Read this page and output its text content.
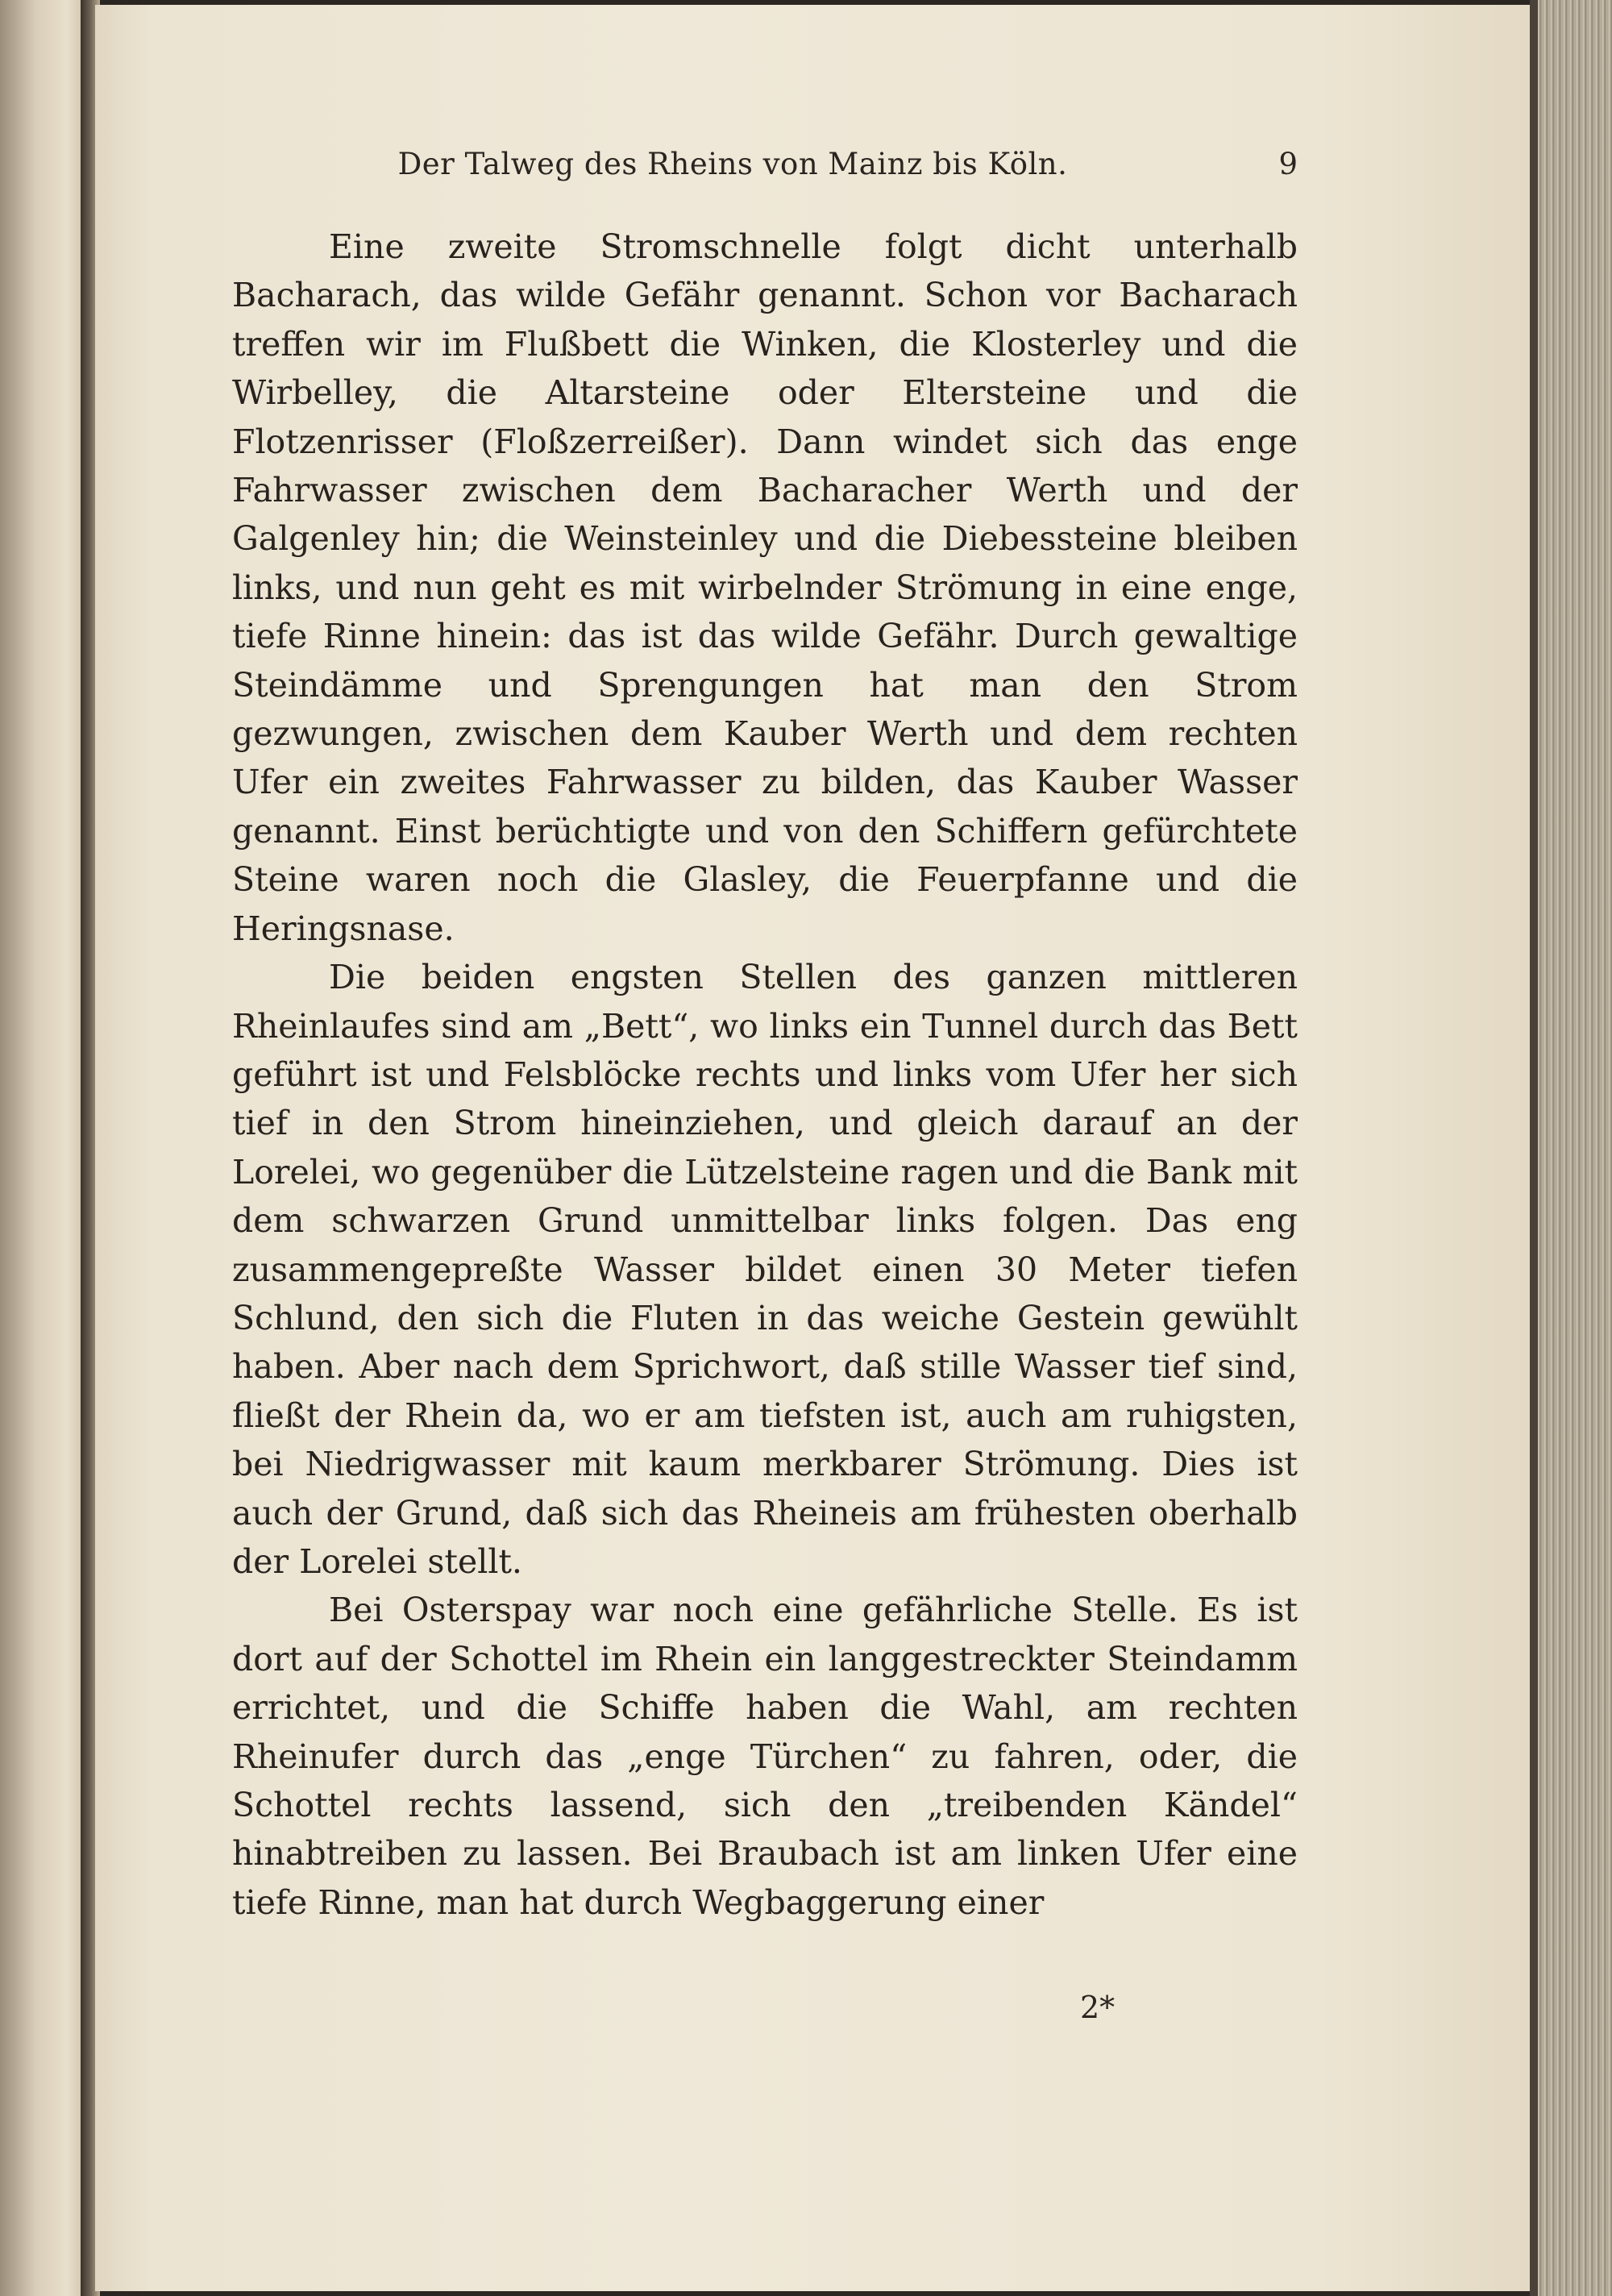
Der Talweg des Rheins von Mainz bis Köln.	9

Eine zweite Stromschnelle folgt dicht unterhalb Bacharach, das wilde Gefähr genannt. Schon vor Bacharach treffen wir im Flußbett die Winken, die Klosterley und die Wirbelley, die Altarsteine oder Eltersteine und die Flotzenrisser (Floßzerreißer). Dann windet sich das enge Fahrwasser zwischen dem Bacharacher Werth und der Galgenley hin; die Weinsteinley und die Diebessteine bleiben links, und nun geht es mit wirbelnder Strömung in eine enge, tiefe Rinne hinein: das ist das wilde Gefähr. Durch gewaltige Steindämme und Sprengungen hat man den Strom gezwungen, zwischen dem Kauber Werth und dem rechten Ufer ein zweites Fahrwasser zu bilden, das Kauber Wasser genannt. Einst berüchtigte und von den Schiffern gefürchtete Steine waren noch die Glasley, die Feuerpfanne und die Heringsnase.

Die beiden engsten Stellen des ganzen mittleren Rheinlaufes sind am „Bett“, wo links ein Tunnel durch das Bett geführt ist und Felsblöcke rechts und links vom Ufer her sich tief in den Strom hineinziehen, und gleich darauf an der Lorelei, wo gegenüber die Lützelsteine ragen und die Bank mit dem schwarzen Grund unmittelbar links folgen. Das eng zusammengepreßte Wasser bildet einen 30 Meter tiefen Schlund, den sich die Fluten in das weiche Gestein gewühlt haben. Aber nach dem Sprichwort, daß stille Wasser tief sind, fließt der Rhein da, wo er am tiefsten ist, auch am ruhigsten, bei Niedrigwasser mit kaum merkbarer Strömung. Dies ist auch der Grund, daß sich das Rheineis am frühesten oberhalb der Lorelei stellt.

Bei Osterspay war noch eine gefährliche Stelle. Es ist dort auf der Schottel im Rhein ein langgestreckter Steindamm errichtet, und die Schiffe haben die Wahl, am rechten Rheinufer durch das „enge Türchen“ zu fahren, oder, die Schottel rechts lassend, sich den „treibenden Kändel“ hinabtreiben zu lassen. Bei Braubach ist am linken Ufer eine tiefe Rinne, man hat durch Wegbaggerung einer

2*
